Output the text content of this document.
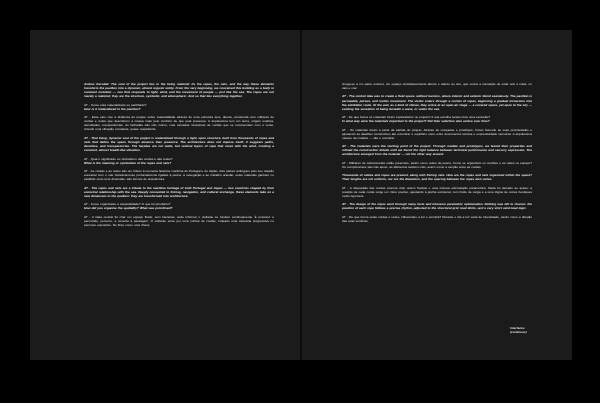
Andres Escobal: The soul of the project lies in the living material: its the ropes, the nets, and the way these elements transform the pavilion into a dynamic, almost organic entity. From the very beginning, we conceived this building as a body in constant mutation — one that responds to light, wind, and the movement of people — just like the sea. The ropes are not merely a material; they are the structure, symbolic, and atmospheric. And so that ties everything together.

AT - Como está materializado ou partilhado?

How is it materialised in the pavilion?

AT - Esse elos vive a dinâmica do projeto sobre materialidade através de uma estrutura leve, aberta, construída com milhares de cordas e redes que descobrem a massa mais pelo conforto de que pela presença. A arquitectura tem um tema, origem estética, densidades, transparências. As fachadas são não muros, mas camadas vivíssimas de cordas que se movimentam com o vento, criando uma vibração constante, quase respiratória.

AT - That living, dynamic soul of the project is materialised through a light, open structure, built from thousands of ropes and nets that define the space through absence than presence. The architecture does not impose itself; it suggests paths, densities, and transparencies. The façades are not walls, but vertical layers of rope that move with the wind, creating a constant, almost breath-like vibration.

AT - Qual o significado ou simbolismo das cordas e das redes?

What is the meaning or symbolism of the ropes and nets?

AT - As cordas e as redes são um tributo à memória histórica marítima de Portugal e do Japão, dois países ambíguos pelo seu relação ancestral com o mar. Esteticamente profundamente ligadas à pesca, à navegação e ao trabalho artesão, estes materiais ganham no pavilhão uma nova dimensão: são formas de arquitectura.

AT - The ropes and nets are a tribute to the maritime heritage of both Portugal and Japan — two countries shaped by their ancestral relationship with the sea. Deeply connected to fishing, navigation, and cultural exchange, these elements take on a new dimension in the pavilion: they are transformed into architecture.

AT - Como organizaste a espacialidade? O que foi prioritário?

How did you organise the spatiality? What was prioritised?

AT - A ideia central foi criar um espaço fluido, sem barreiras, onde informar o visitante se fundem continuamente. É possível: é percorrido, percorre, a conecta à passagem. O visitante entra por uma cortina de cordas, rodeado uma travessia progressiva no percurso expositivo. No final, como uma chave,

chega-se a um palco exterior, um espaço simultaneamente aberto e aberto ao céu, que evoca a sensação de estar sob a maré, no cais e mar.

AT - The central idea was to create a fluid space, without barriers, where interior and exterior blend seamlessly. The pavilion is permeable, porous, and invites movement. The visitor enters through a curtain of ropes, beginning a gradual immersion into the exhibition route. At the end, as a kind of climax, they arrive at an open-air stage — a covered space, yet open to the sky — evoking the sensation of being beneath a wave, or under the sea.

AT - De que forma os materiais foram exploratórios no projeto? A sua escolha tendeu fora uma evolução?

In what way were the materials important to the project? Did their selection also evolve over time?

AT - Os materiais foram a parte da partida do projeto. Através de maquetas e protótipos, fomos fazendo as suas propriedades e ajustando as detalhes construtivos até encontrar o equilíbrio certo entre documentos técnica e expressividade sensorial. A arquitectura nasceu da matéria — não o contrário.

AT - The materials were the starting point of the project. Through models and prototypes, we tested their properties and refined the construction details until we found the right balance between technical performance and sensory expression. The architecture emerged from the material — not the other way around.

AT - Milhares de cabos/cordas estão presentes, assim como redes de pesca. Como se organizam os cordões e as redes no espaço? Os comprimentos são não apoio, as diâmetros também não, assim como a secção entre as cordas.

Thousands of cables and ropes are present, along with fishing nets. How are the ropes and nets organised within the space? Their lengths are not uniform, nor are the diameters, and the spacing between the ropes also varies.

AT - A disposição das cordas procura criar ordem fractais e uma intensa estimulação paramétrica. Nada foi deixado ao acaso: a posição de cada corda surge um ritmo preciso, ajustando à grelha estrutural, com limite de carga e a uma lógica de cortes boutiques muito rigorosos.

AT - The design of the ropes went through many tests and intensive parametric optimisation. Nothing was left to chance: the position of each rope follows a precise rhythm, adjusted to the structural grid, load limits, and a very strict wind-load logic.

AT - De que forma estas cordas e redes, influenciam a luz e sombra? Durante o dia a luz varia de intensidade, assim como a direção das suas sombras.

Interfaces
(continues)
